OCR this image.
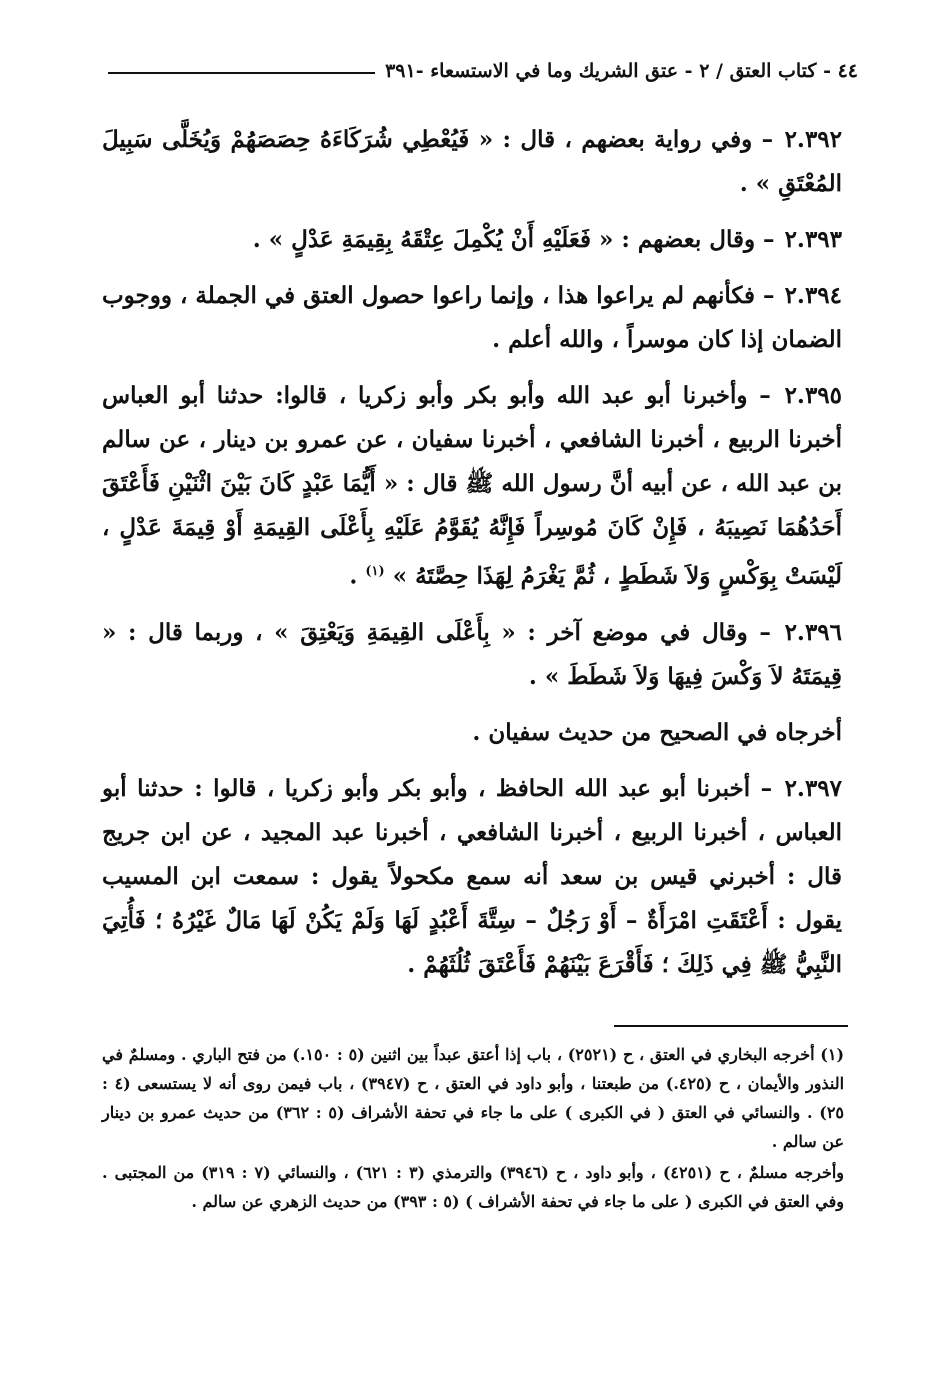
٤٤ - كتاب العتق / ٢ - عتق الشريك وما في الاستسعاء -٣٩١

٢.٣٩٢ – وفي رواية بعضهم ، قال : « فَيُعْطِي شُرَكَاءَهُ حِصَصَهُمْ وَيُخَلَّى سَبِيلَ المُعْتَقِ » .

٢.٣٩٣ – وقال بعضهم : « فَعَلَيْهِ أَنْ يُكْمِلَ عِتْقَهُ بِقِيمَةِ عَدْلٍ » .

٢.٣٩٤ – فكأنهم لم يراعوا هذا ، وإنما راعوا حصول العتق في الجملة ، ووجوب الضمان إذا كان موسراً ، والله أعلم .

٢.٣٩٥ – وأخبرنا أبو عبد الله وأبو بكر وأبو زكريا ، قالوا: حدثنا أبو العباس أخبرنا الربيع ، أخبرنا الشافعي ، أخبرنا سفيان ، عن عمرو بن دينار ، عن سالم بن عبد الله ، عن أبيه أنَّ رسول الله ﷺ قال : « أَيُّمَا عَبْدٍ كَانَ بَيْنَ اثْنَيْنِ فَأَعْتَقَ أَحَدُهُمَا نَصِيبَهُ ، فَإِنْ كَانَ مُوسِراً فَإِنَّهُ يُقَوَّمُ عَلَيْهِ بِأَعْلَى القِيمَةِ أَوْ قِيمَةَ عَدْلٍ ، لَيْسَتْ بِوَكْسٍ وَلاَ شَطَطٍ ، ثُمَّ يَغْرَمُ لِهَذَا حِصَّتَهُ » $^{(١)}$ .

٢.٣٩٦ – وقال في موضع آخر : « بِأَعْلَى القِيمَةِ وَيَعْتِقَ » ، وربما قال : « قِيمَتَهُ لاَ وَكْسَ فِيهَا وَلاَ شَطَطَ » .

أخرجاه في الصحيح من حديث سفيان .

٢.٣٩٧ – أخبرنا أبو عبد الله الحافظ ، وأبو بكر وأبو زكريا ، قالوا : حدثنا أبو العباس ، أخبرنا الربيع ، أخبرنا الشافعي ، أخبرنا عبد المجيد ، عن ابن جريج قال : أخبرني قيس بن سعد أنه سمع مكحولاً يقول : سمعت ابن المسيب يقول : أَعْتَقَتِ امْرَأَةٌ – أَوْ رَجُلٌ – سِتَّةَ أَعْبُدٍ لَهَا وَلَمْ يَكُنْ لَهَا مَالٌ غَيْرُهُ ؛ فَأُتِيَ النَّبِيُّ ﷺ فِي ذَلِكَ ؛ فَأَقْرَعَ بَيْنَهُمْ فَأَعْتَقَ ثُلُثَهُمْ .

(١) أخرجه البخاري في العتق ، ح (٢٥٢١) ، باب إذا أعتق عبداً بين اثنين (٥ : ١٥٠.) من فتح الباري . ومسلمٌ في النذور والأيمان ، ح (٤٢٥.) من طبعتنا ، وأبو داود في العتق ، ح (٣٩٤٧) ، باب فيمن روى أنه لا يستسعى (٤ : ٢٥) . والنسائي في العتق ( في الكبرى ) على ما جاء في تحفة الأشراف (٥ : ٣٦٢) من حديث عمرو بن دينار عن سالم .

وأخرجه مسلمٌ ، ح (٤٢٥١) ، وأبو داود ، ح (٣٩٤٦) والترمذي (٣ : ٦٢١) ، والنسائي (٧ : ٣١٩) من المجتبى . وفي العتق في الكبرى ( على ما جاء في تحفة الأشراف ) (٥ : ٣٩٣) من حديث الزهري عن سالم .
